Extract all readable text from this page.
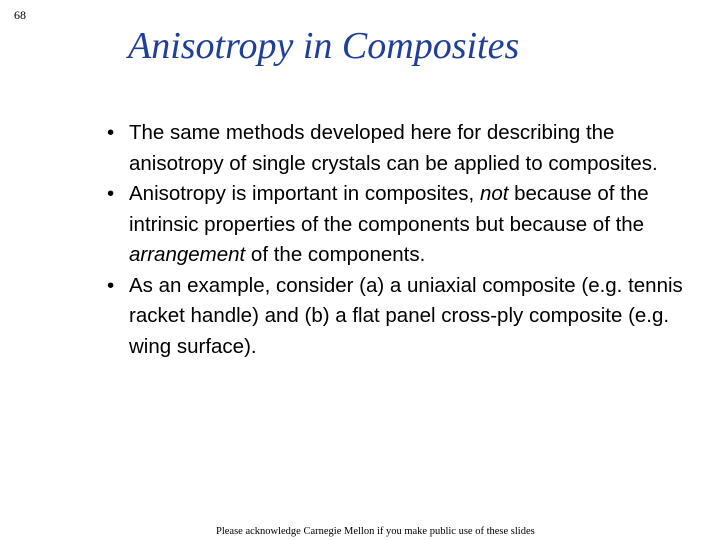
68
Anisotropy in Composites
• The same methods developed here for describing the anisotropy of single crystals can be applied to composites.
• Anisotropy is important in composites, not because of the intrinsic properties of the components but because of the arrangement of the components.
• As an example, consider (a) a uniaxial composite (e.g. tennis racket handle) and (b) a flat panel cross-ply composite (e.g. wing surface).
Please acknowledge Carnegie Mellon if you make public use of these slides
